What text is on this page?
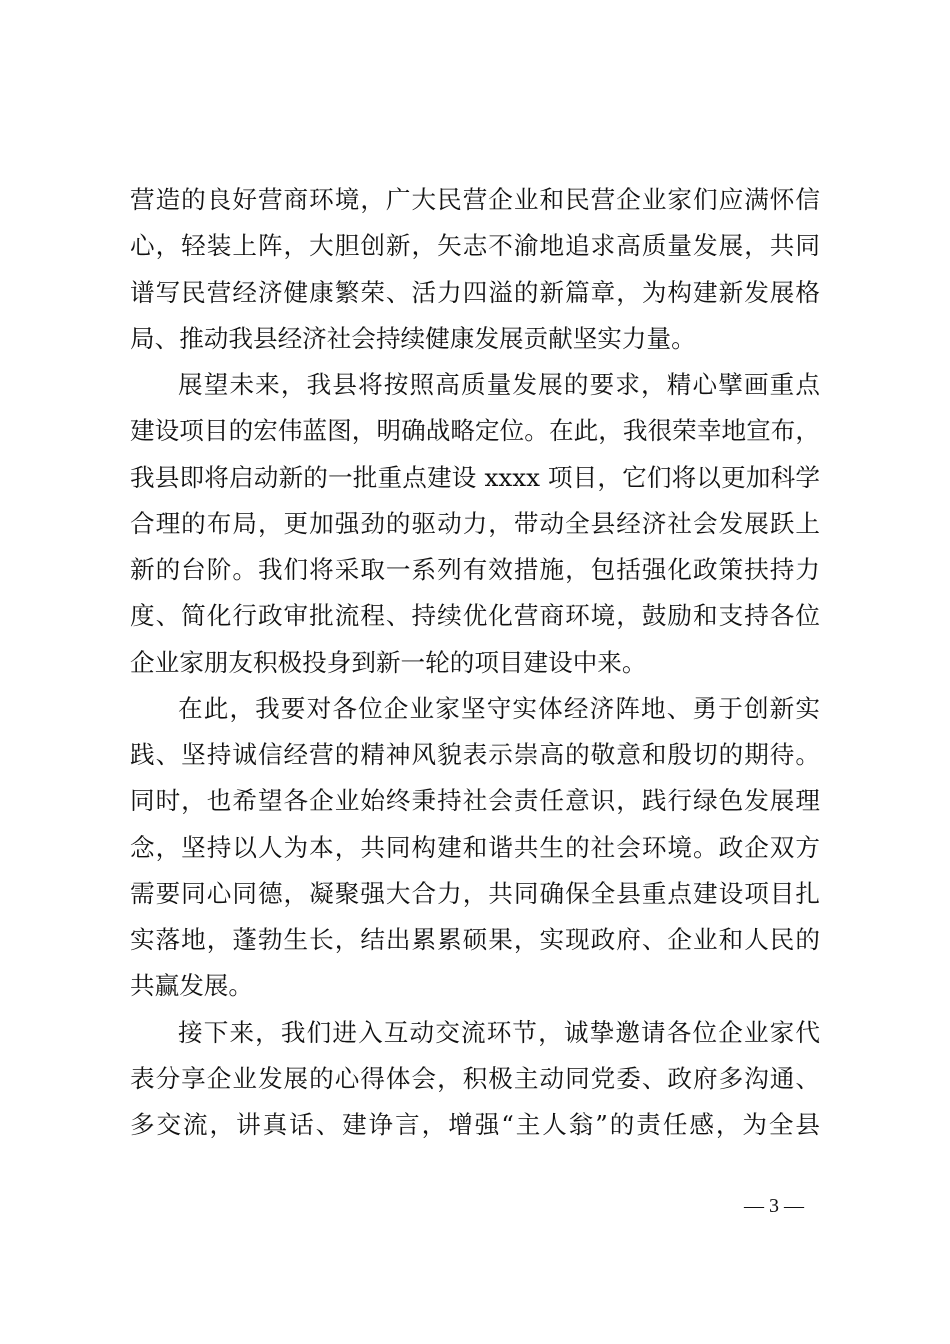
营造的良好营商环境，广大民营企业和民营企业家们应满怀信
心，轻装上阵，大胆创新，矢志不渝地追求高质量发展，共同
谱写民营经济健康繁荣、活力四溢的新篇章，为构建新发展格
局、推动我县经济社会持续健康发展贡献坚实力量。
展望未来，我县将按照高质量发展的要求，精心擘画重点
建设项目的宏伟蓝图，明确战略定位。在此，我很荣幸地宣布，
我县即将启动新的一批重点建设 xxxx 项目，它们将以更加科学
合理的布局，更加强劲的驱动力，带动全县经济社会发展跃上
新的台阶。我们将采取一系列有效措施，包括强化政策扶持力
度、简化行政审批流程、持续优化营商环境，鼓励和支持各位
企业家朋友积极投身到新一轮的项目建设中来。
在此，我要对各位企业家坚守实体经济阵地、勇于创新实
践、坚持诚信经营的精神风貌表示崇高的敬意和殷切的期待。
同时，也希望各企业始终秉持社会责任意识，践行绿色发展理
念，坚持以人为本，共同构建和谐共生的社会环境。政企双方
需要同心同德，凝聚强大合力，共同确保全县重点建设项目扎
实落地，蓬勃生长，结出累累硕果，实现政府、企业和人民的
共赢发展。
接下来，我们进入互动交流环节，诚挚邀请各位企业家代
表分享企业发展的心得体会，积极主动同党委、政府多沟通、
多交流，讲真话、建诤言，增强“主人翁”的责任感，为全县
— 3 —
